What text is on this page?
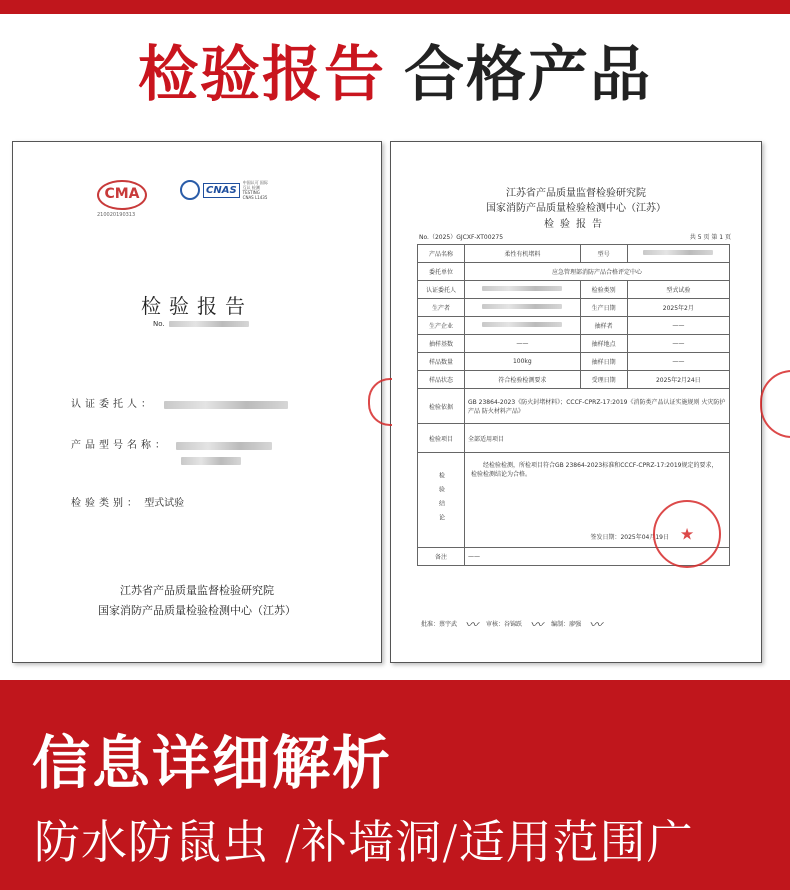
检验报告 合格产品
CMA
210020190313
CNAS
中国认可 国际互认 检测 TESTING CNAS L1435
检验报告
No.
认证委托人：
产品型号名称：
检验类别： 型式试验
江苏省产品质量监督检验研究院
国家消防产品质量检验检测中心（江苏）
江苏省产品质量监督检验研究院
国家消防产品质量检验检测中心（江苏）
检验报告
No.（2025）GJCXF-XT00275	共 5 页 第 1 页
产品名称	柔性有机堵料	型号	
委托单位	应急管理部消防产品合格评定中心		
认证委托人		检验类别	型式试验
生产者		生产日期	2025年2月
生产企业		抽样者	——
抽样基数	——	抽样地点	——
样品数量	100kg	抽样日期	——
样品状态	符合检验检测要求	受理日期	2025年2月24日
检验依据	GB 23864-2023《防火封堵材料》；CCCF-CPRZ-17:2019《消防类产品认证实施规则 火灾防护产品 防火材料产品》		
检验项目	全部适用项目		
检验结论	经检验检测，所检项目符合GB 23864-2023标准和CCCF-CPRZ-17:2019规定的要求，检验检测结论为合格。
签发日期：2025年04月19日		

备注	——		
★
批准：蔡宇武 〰 审核：谷锦跃 〰 编制：廖强 〰
信息详细解析
防水防鼠虫 /补墙洞/适用范围广
